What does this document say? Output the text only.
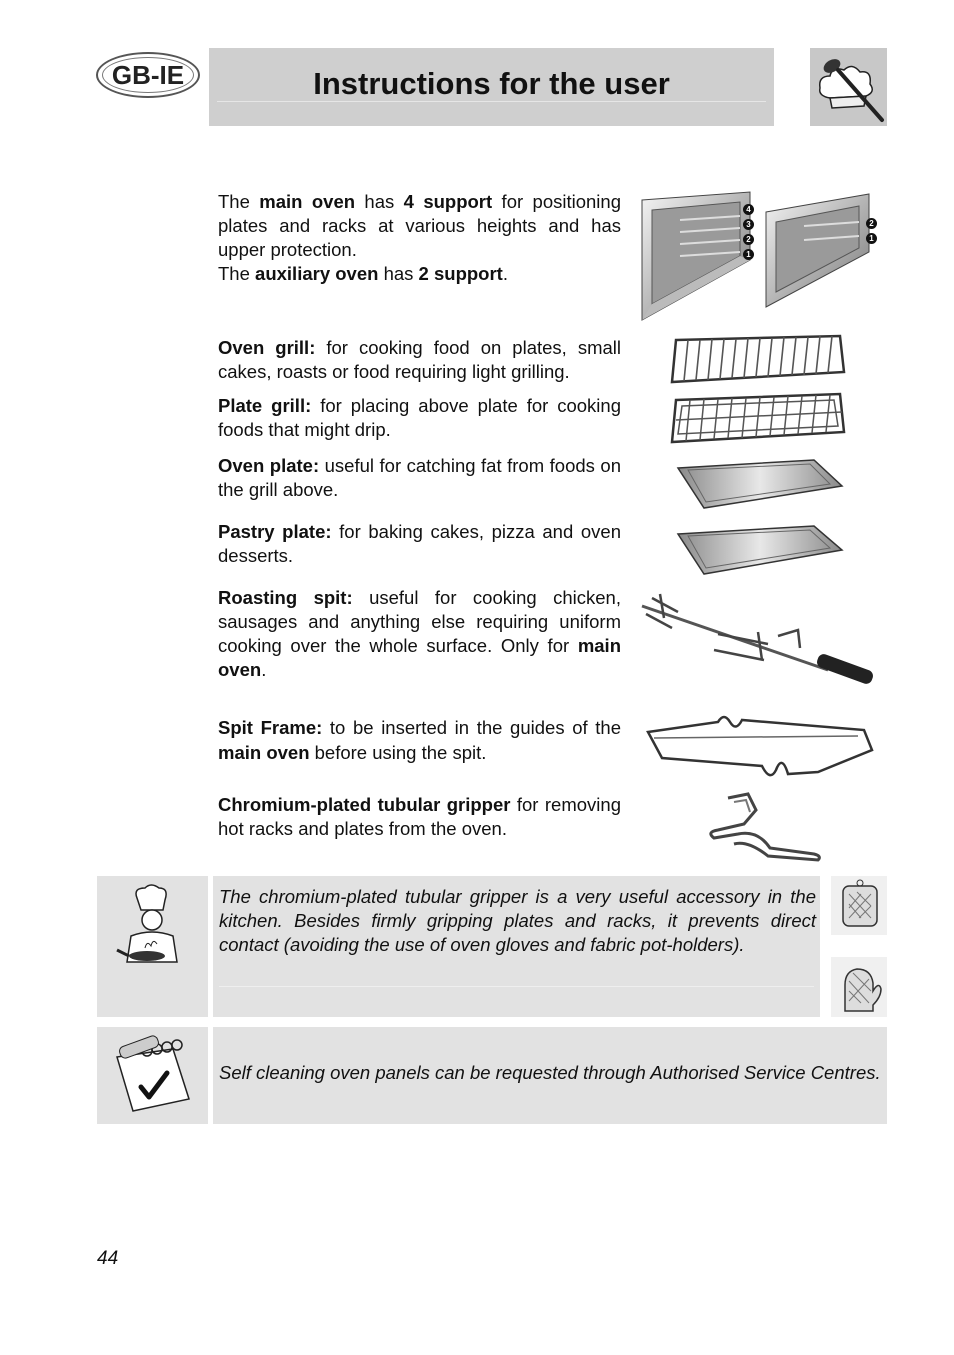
GB-IE	Instructions for the user
The main oven has 4 support for positioning plates and racks at various heights and has upper protection.
The auxiliary oven has 2 support.
4
3
2
1
2
1
Oven grill: for cooking food on plates, small cakes, roasts or food requiring light grilling.
Plate grill: for placing above plate for cooking foods that might drip.
Oven plate: useful for catching fat from foods on the grill above.
Pastry plate: for baking cakes, pizza and oven desserts.
Roasting spit: useful for cooking chicken, sausages and anything else requiring uniform cooking over the whole surface. Only for main oven.
Spit Frame: to be inserted in the guides of the main oven before using the spit.
Chromium-plated tubular gripper for removing hot racks and plates from the oven.
The chromium-plated tubular gripper is a very useful accessory in the kitchen. Besides firmly gripping plates and racks, it prevents direct contact (avoiding the use of oven gloves and fabric pot-holders).
Self cleaning oven panels can be requested through Authorised Service Centres.
44
